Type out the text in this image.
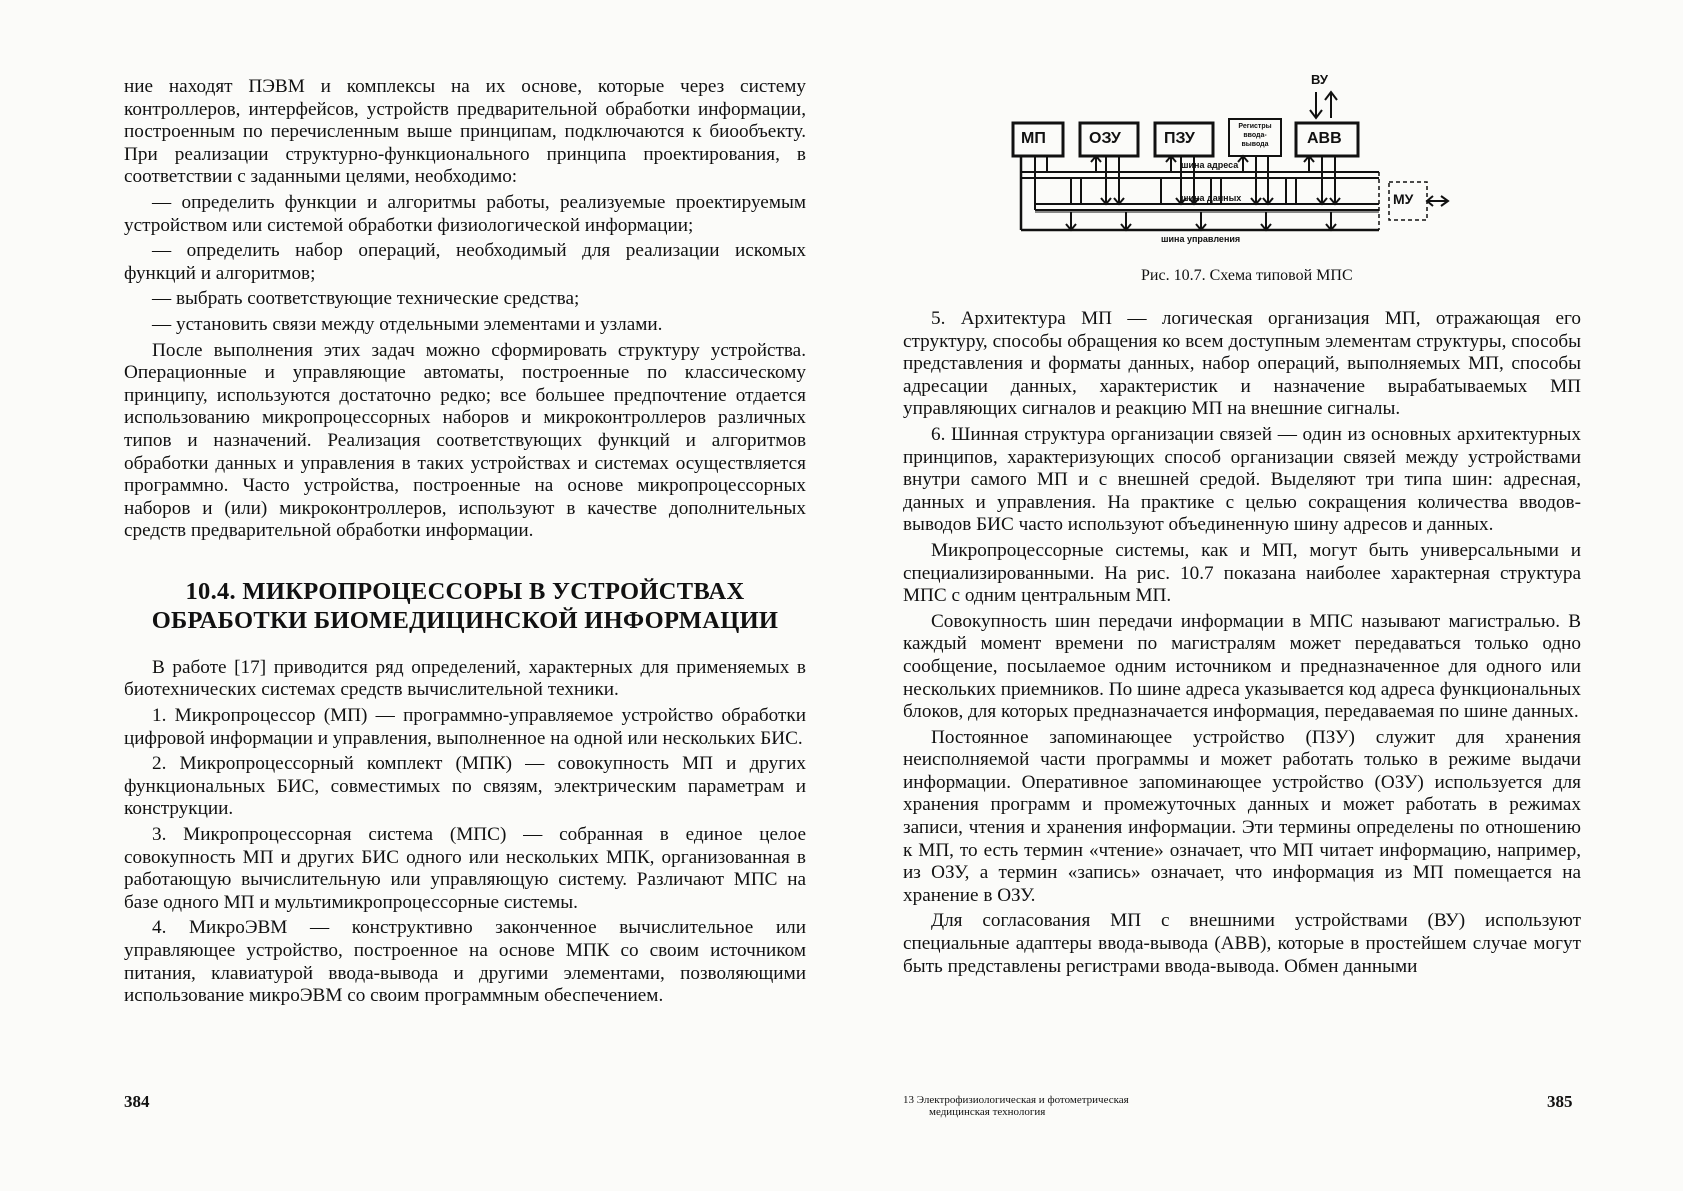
ние находят ПЭВМ и комплексы на их основе, которые через систему контроллеров, интерфейсов, устройств предварительной обработки информации, построенным по перечисленным выше принципам, подключаются к биообъекту. При реализации структурно-функционального принципа проектирования, в соответствии с заданными целями, необходимо:

— определить функции и алгоритмы работы, реализуемые проектируемым устройством или системой обработки физиологической информации;

— определить набор операций, необходимый для реализации искомых функций и алгоритмов;

— выбрать соответствующие технические средства;

— установить связи между отдельными элементами и узлами.

После выполнения этих задач можно сформировать структуру устройства. Операционные и управляющие автоматы, построенные по классическому принципу, используются достаточно редко; все большее предпочтение отдается использованию микропроцессорных наборов и микроконтроллеров различных типов и назначений. Реализация соответствующих функций и алгоритмов обработки данных и управления в таких устройствах и системах осуществляется программно. Часто устройства, построенные на основе микропроцессорных наборов и (или) микроконтроллеров, используют в качестве дополнительных средств предварительной обработки информации.

10.4. МИКРОПРОЦЕССОРЫ В УСТРОЙСТВАХ
ОБРАБОТКИ БИОМЕДИЦИНСКОЙ ИНФОРМАЦИИ

В работе [17] приводится ряд определений, характерных для применяемых в биотехнических системах средств вычислительной техники.

1. Микропроцессор (МП) — программно-управляемое устройство обработки цифровой информации и управления, выполненное на одной или нескольких БИС.

2. Микропроцессорный комплект (МПК) — совокупность МП и других функциональных БИС, совместимых по связям, электрическим параметрам и конструкции.

3. Микропроцессорная система (МПС) — собранная в единое целое совокупность МП и других БИС одного или нескольких МПК, организованная в работающую вычислительную или управляющую систему. Различают МПС на базе одного МП и мультимикропроцессорные системы.

4. МикроЭВМ — конструктивно законченное вычислительное или управляющее устройство, построенное на основе МПК со своим источником питания, клавиатурой ввода-вывода и другими элементами, позволяющими использование микроЭВМ со своим программным обеспечением.

384
ВУ
МП	ОЗУ	ПЗУ
Регистры ввода-вывода	АВВ
МУ
шина адреса
шина данных
шина управления
Рис. 10.7. Схема типовой МПС

5. Архитектура МП — логическая организация МП, отражающая его структуру, способы обращения ко всем доступным элементам структуры, способы представления и форматы данных, набор операций, выполняемых МП, способы адресации данных, характеристик и назначение вырабатываемых МП управляющих сигналов и реакцию МП на внешние сигналы.

6. Шинная структура организации связей — один из основных архитектурных принципов, характеризующих способ организации связей между устройствами внутри самого МП и с внешней средой. Выделяют три типа шин: адресная, данных и управления. На практике с целью сокращения количества вводов-выводов БИС часто используют объединенную шину адресов и данных.

Микропроцессорные системы, как и МП, могут быть универсальными и специализированными. На рис. 10.7 показана наиболее характерная структура МПС с одним центральным МП.

Совокупность шин передачи информации в МПС называют магистралью. В каждый момент времени по магистралям может передаваться только одно сообщение, посылаемое одним источником и предназначенное для одного или нескольких приемников. По шине адреса указывается код адреса функциональных блоков, для которых предназначается информация, передаваемая по шине данных.

Постоянное запоминающее устройство (ПЗУ) служит для хранения неисполняемой части программы и может работать только в режиме выдачи информации. Оперативное запоминающее устройство (ОЗУ) используется для хранения программ и промежуточных данных и может работать в режимах записи, чтения и хранения информации. Эти термины определены по отношению к МП, то есть термин «чтение» означает, что МП читает информацию, например, из ОЗУ, а термин «запись» означает, что информация из МП помещается на хранение в ОЗУ.

Для согласования МП с внешними устройствами (ВУ) используют специальные адаптеры ввода-вывода (АВВ), которые в простейшем случае могут быть представлены регистрами ввода-вывода. Обмен данными

13 Электрофизиологическая и фотометрическая
медицинская технология
385
